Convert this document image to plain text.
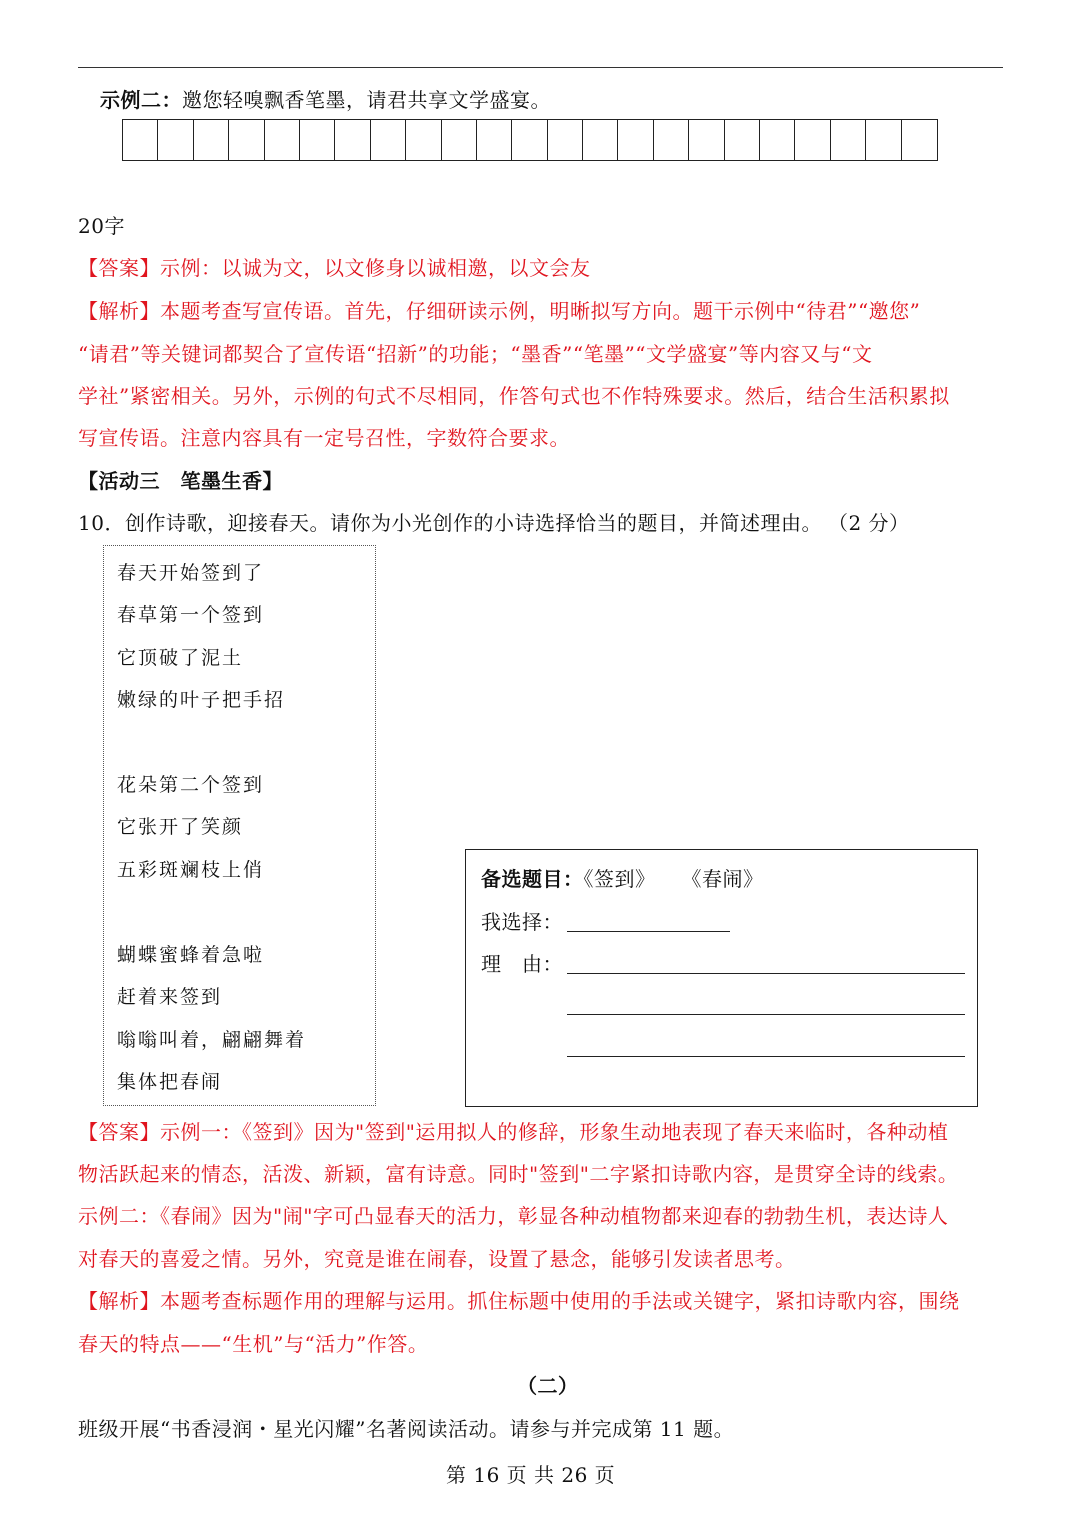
示例二：邀您轻嗅飘香笔墨，请君共享文学盛宴。
20字
【答案】示例：以诚为文，以文修身以诚相邀，以文会友
【解析】本题考查写宣传语。首先，仔细研读示例，明晰拟写方向。题干示例中“待君”“邀您”
“请君”等关键词都契合了宣传语“招新”的功能；“墨香”“笔墨”“文学盛宴”等内容又与“文
学社”紧密相关。另外，示例的句式不尽相同，作答句式也不作特殊要求。然后，结合生活积累拟
写宣传语。注意内容具有一定号召性，字数符合要求。
【活动三　笔墨生香】
10．创作诗歌，迎接春天。请你为小光创作的小诗选择恰当的题目，并简述理由。 （2 分）
春天开始签到了
春草第一个签到
它顶破了泥土
嫩绿的叶子把手招
花朵第二个签到
它张开了笑颜
五彩斑斓枝上俏
蝴蝶蜜蜂着急啦
赶着来签到
嗡嗡叫着，翩翩舞着
集体把春闹
备选题目：《签到》 《春闹》
我选择：
理　由：
【答案】示例一：《签到》因为"签到"运用拟人的修辞，形象生动地表现了春天来临时，各种动植
物活跃起来的情态，活泼、新颖，富有诗意。同时"签到"二字紧扣诗歌内容，是贯穿全诗的线索。
示例二：《春闹》因为"闹"字可凸显春天的活力，彰显各种动植物都来迎春的勃勃生机，表达诗人
对春天的喜爱之情。另外，究竟是谁在闹春，设置了悬念，能够引发读者思考。
【解析】本题考查标题作用的理解与运用。抓住标题中使用的手法或关键字，紧扣诗歌内容，围绕
春天的特点——“生机”与“活力”作答。
（二）
班级开展“书香浸润・星光闪耀”名著阅读活动。请参与并完成第 11 题。
第 16 页 共 26 页
